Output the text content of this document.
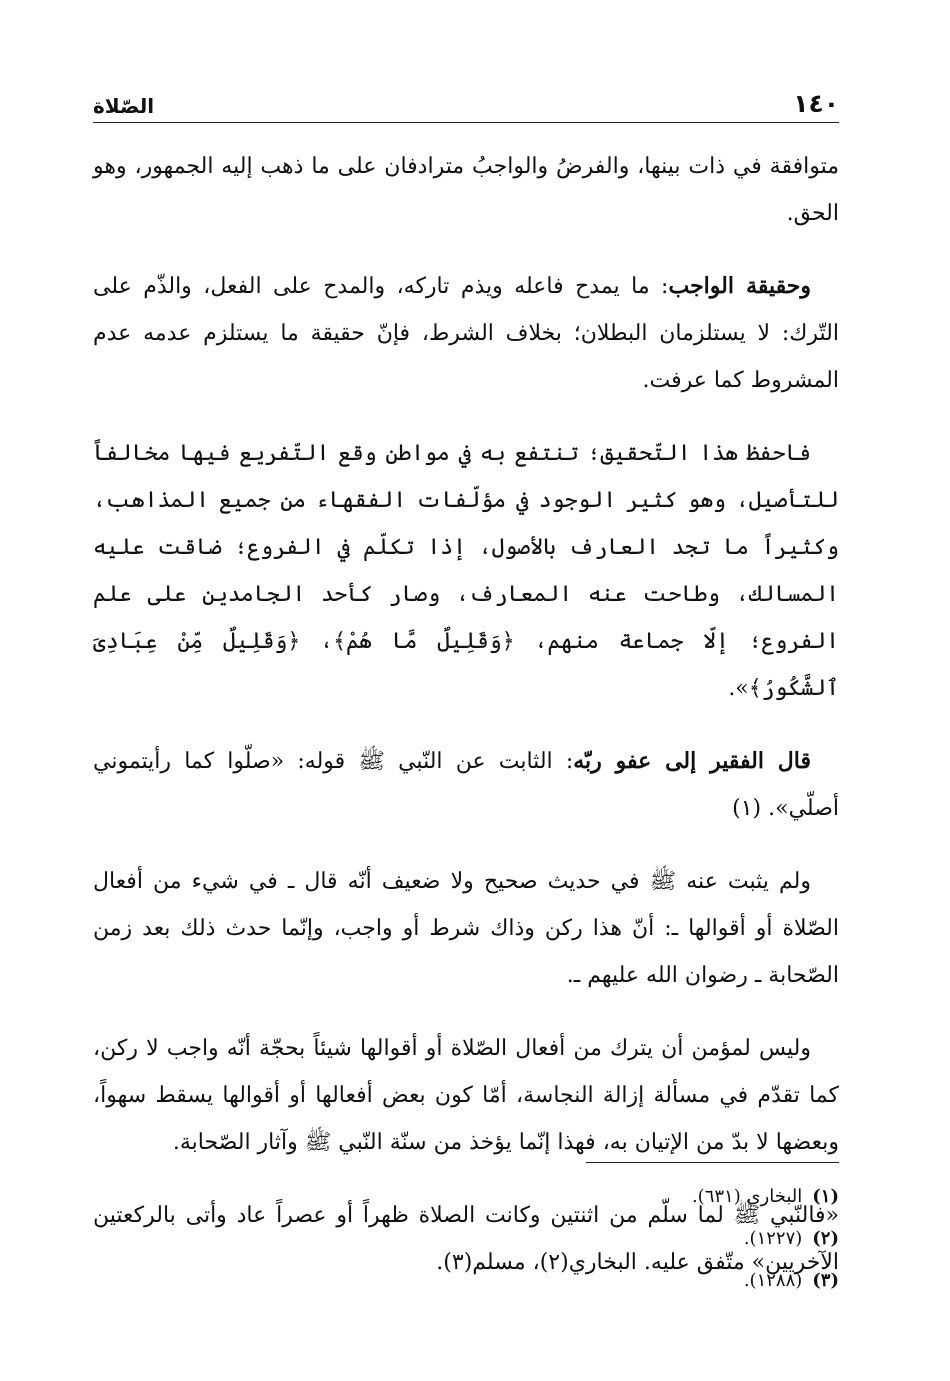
١٤٠
الصّلاة

متوافقة في ذات بينها، والفرضُ والواجبُ مترادفان على ما ذهب إليه الجمهور، وهو الحق.

وحقيقة الواجب: ما يمدح فاعله ويذم تاركه، والمدح على الفعل، والذّم على التّرك: لا يستلزمان البطلان؛ بخلاف الشرط، فإنّ حقيقة ما يستلزم عدمه عدم المشروط كما عرفت.

فاحفظ هذا التّحقيق؛ تنتفع به في مواطن وقع التّفريع فيها مخالفاً للتأصيل، وهو كثير الوجود في مؤلّفات الفقهاء من جميع المذاهب، وكثيراً ما تجد العارف بالأصول، إذا تكلّم في الفروع؛ ضاقت عليه المسالك، وطاحت عنه المعارف، وصار كأحد الجامدين على علم الفروع؛ إلّا جماعة منهم، ﴿وَقَلِيلٌ مَّا هُمْ﴾، ﴿وَقَلِيلٌ مِّنْ عِبَادِىَ ٱلشَّكُورُ﴾».

قال الفقير إلى عفو ربّه: الثابت عن النّبي ﷺ قوله: «صلّوا كما رأيتموني أصلّي». (١)

ولم يثبت عنه ﷺ في حديث صحيح ولا ضعيف أنّه قال ـ في شيء من أفعال الصّلاة أو أقوالها ـ: أنّ هذا ركن وذاك شرط أو واجب، وإنّما حدث ذلك بعد زمن الصّحابة ـ رضوان الله عليهم ـ.

وليس لمؤمن أن يترك من أفعال الصّلاة أو أقوالها شيئاً بحجّة أنّه واجب لا ركن، كما تقدّم في مسألة إزالة النجاسة، أمّا كون بعض أفعالها أو أقوالها يسقط سهواً، وبعضها لا بدّ من الإتيان به، فهذا إنّما يؤخذ من سنّة النّبي ﷺ وآثار الصّحابة.

«فالنّبي ﷺ لما سلّم من اثنتين وكانت الصلاة ظهراً أو عصراً عاد وأتى بالركعتين الآخريين» متّفق عليه. البخاري(٢)، مسلم(٣).

(١)البخاري (٦٣١).
(٢)(١٢٢٧).
(٣)(١٢٨٨).
